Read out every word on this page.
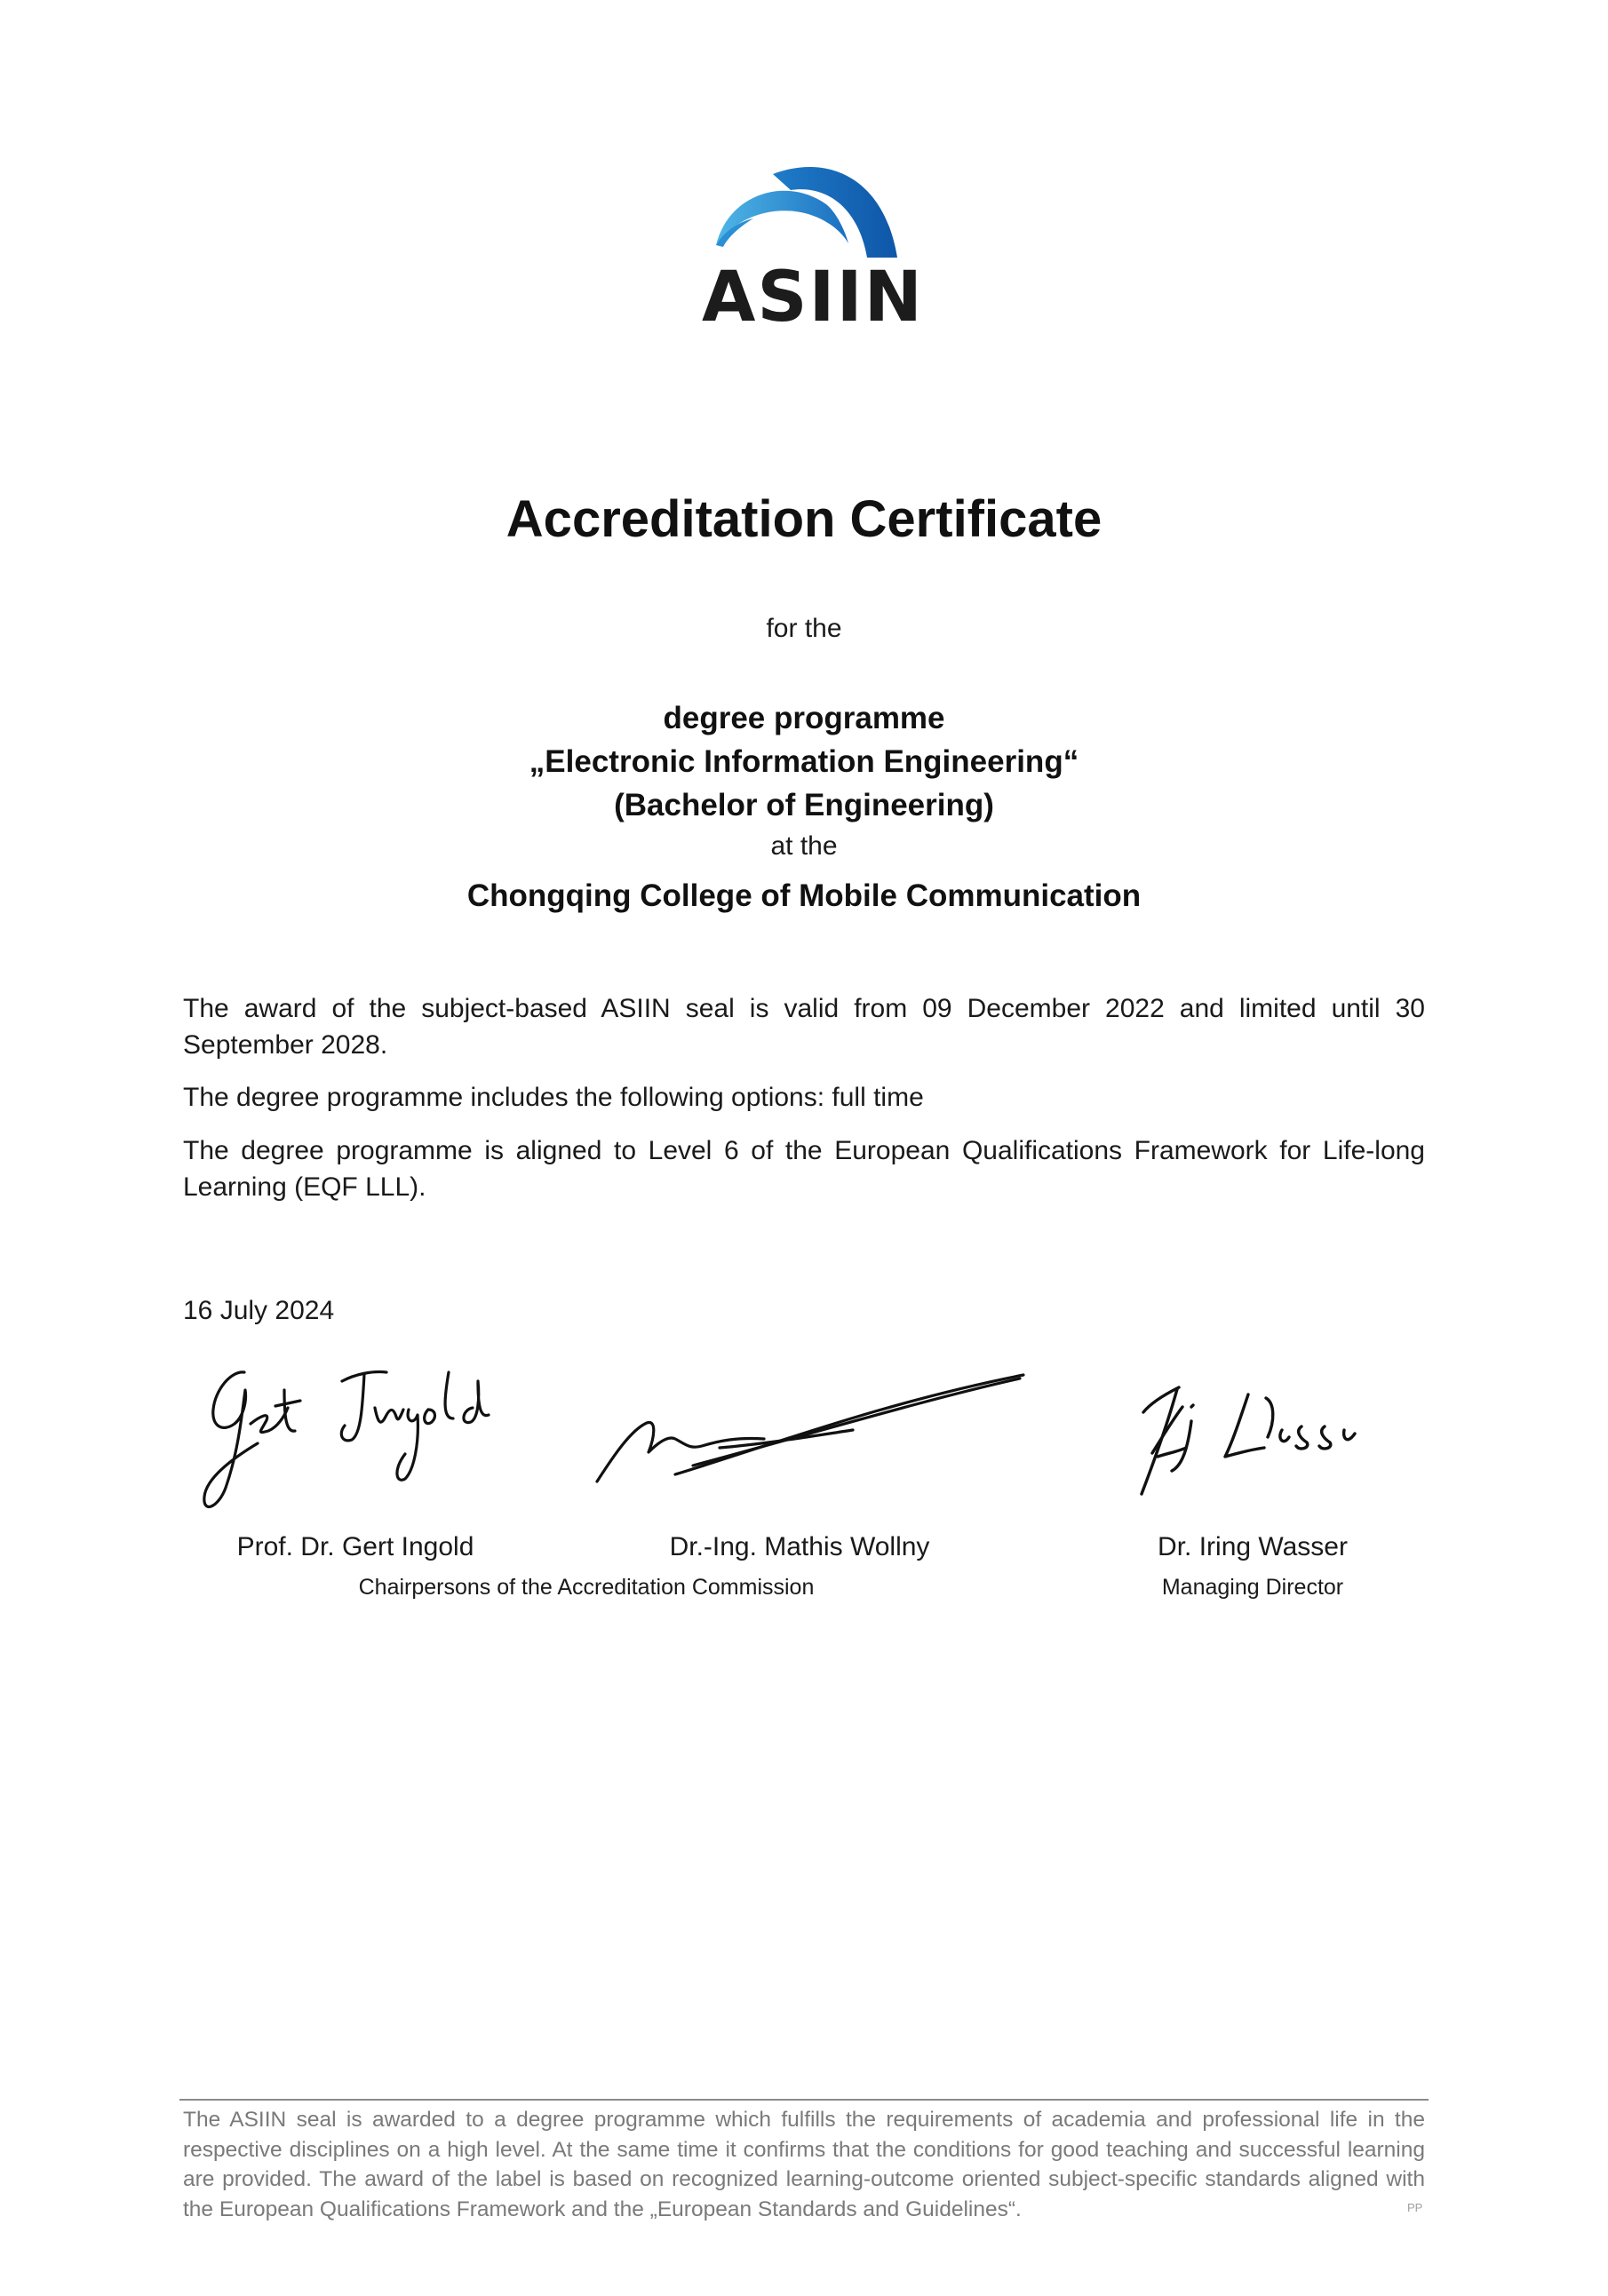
ASIIN
Accreditation Certificate
for the
degree programme
„Electronic Information Engineering“
(Bachelor of Engineering)
at the
Chongqing College of Mobile Communication
The award of the subject-based ASIIN seal is valid from 09 December 2022 and limited until 30 September 2028.
The degree programme includes the following options: full time
The degree programme is aligned to Level 6 of the European Qualifications Framework for Life-long Learning (EQF LLL).
16 July 2024
Prof. Dr. Gert Ingold	Dr.-Ing. Mathis Wollny	Dr. Iring Wasser
Chairpersons of the Accreditation Commission	Managing Director
The ASIIN seal is awarded to a degree programme which fulfills the requirements of academia and professional life in the respective disciplines on a high level. At the same time it confirms that the conditions for good teaching and successful learning are provided. The award of the label is based on recognized learning-outcome oriented subject-specific standards aligned with the European Qualifications Framework and the „European Standards and Guidelines“.	PP
